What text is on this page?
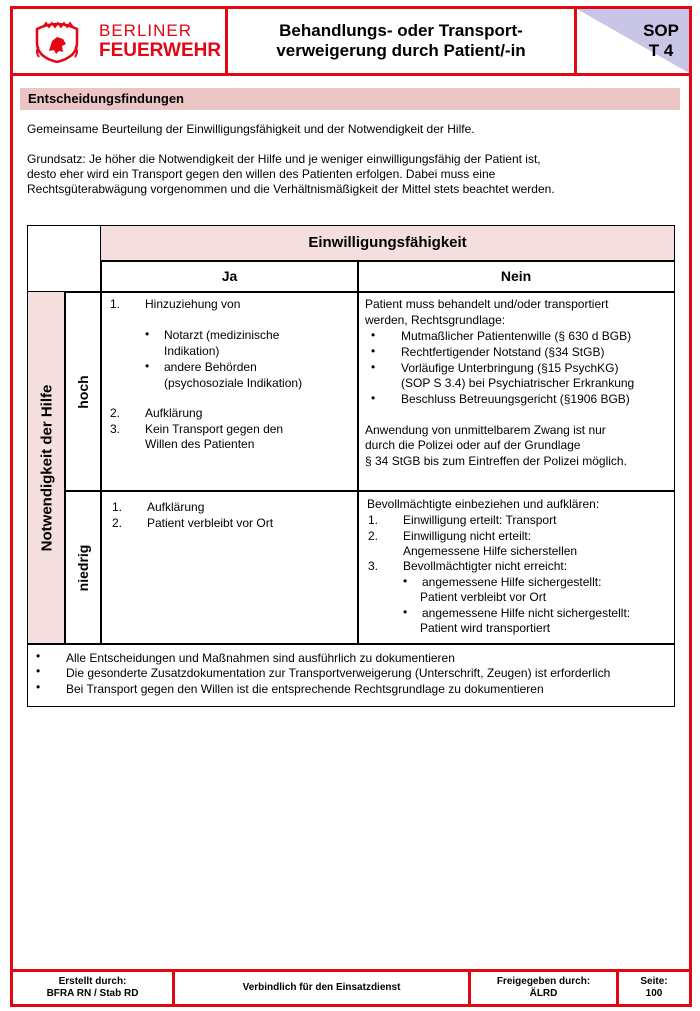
BERLINER
FEUERWEHR
Behandlungs- oder Transport-
verweigerung durch Patient/-in
SOP
T 4
Entscheidungsfindungen
Gemeinsame Beurteilung der Einwilligungsfähigkeit und der Notwendigkeit der Hilfe.
Grundsatz: Je höher die Notwendigkeit der Hilfe und je weniger einwilligungsfähig der Patient ist,
desto eher wird ein Transport gegen den willen des Patienten erfolgen. Dabei muss eine
Rechtsgüterabwägung vorgenommen und die Verhältnismäßigkeit der Mittel stets beachtet werden.
Einwilligungsfähigkeit
Ja	Nein
Notwendigkeit der Hilfe hoch
niedrig
1. Hinzuziehung von
• Notarzt (medizinische
Indikation)
• andere Behörden
(psychosoziale Indikation)
2. Aufklärung
3. Kein Transport gegen den
Willen des Patienten
Patient muss behandelt und/oder transportiert
werden, Rechtsgrundlage:
• Mutmaßlicher Patientenwille (§ 630 d BGB)
• Rechtfertigender Notstand (§34 StGB)
• Vorläufige Unterbringung (§15 PsychKG)
(SOP S 3.4) bei Psychiatrischer Erkrankung
• Beschluss Betreuungsgericht (§1906 BGB)
Anwendung von unmittelbarem Zwang ist nur
durch die Polizei oder auf der Grundlage
§ 34 StGB bis zum Eintreffen der Polizei möglich.
1. Aufklärung
2. Patient verbleibt vor Ort
Bevollmächtigte einbeziehen und aufklären:
1. Einwilligung erteilt: Transport
2. Einwilligung nicht erteilt:
Angemessene Hilfe sicherstellen
3. Bevollmächtigter nicht erreicht:
• angemessene Hilfe sichergestellt:
Patient verbleibt vor Ort
• angemessene Hilfe nicht sichergestellt:
Patient wird transportiert
• Alle Entscheidungen und Maßnahmen sind ausführlich zu dokumentieren
• Die gesonderte Zusatzdokumentation zur Transportverweigerung (Unterschrift, Zeugen) ist erforderlich
• Bei Transport gegen den Willen ist die entsprechende Rechtsgrundlage zu dokumentieren
Erstellt durch:
BFRA RN / Stab RD
Verbindlich für den Einsatzdienst
Freigegeben durch:
ÄLRD
Seite:
100
